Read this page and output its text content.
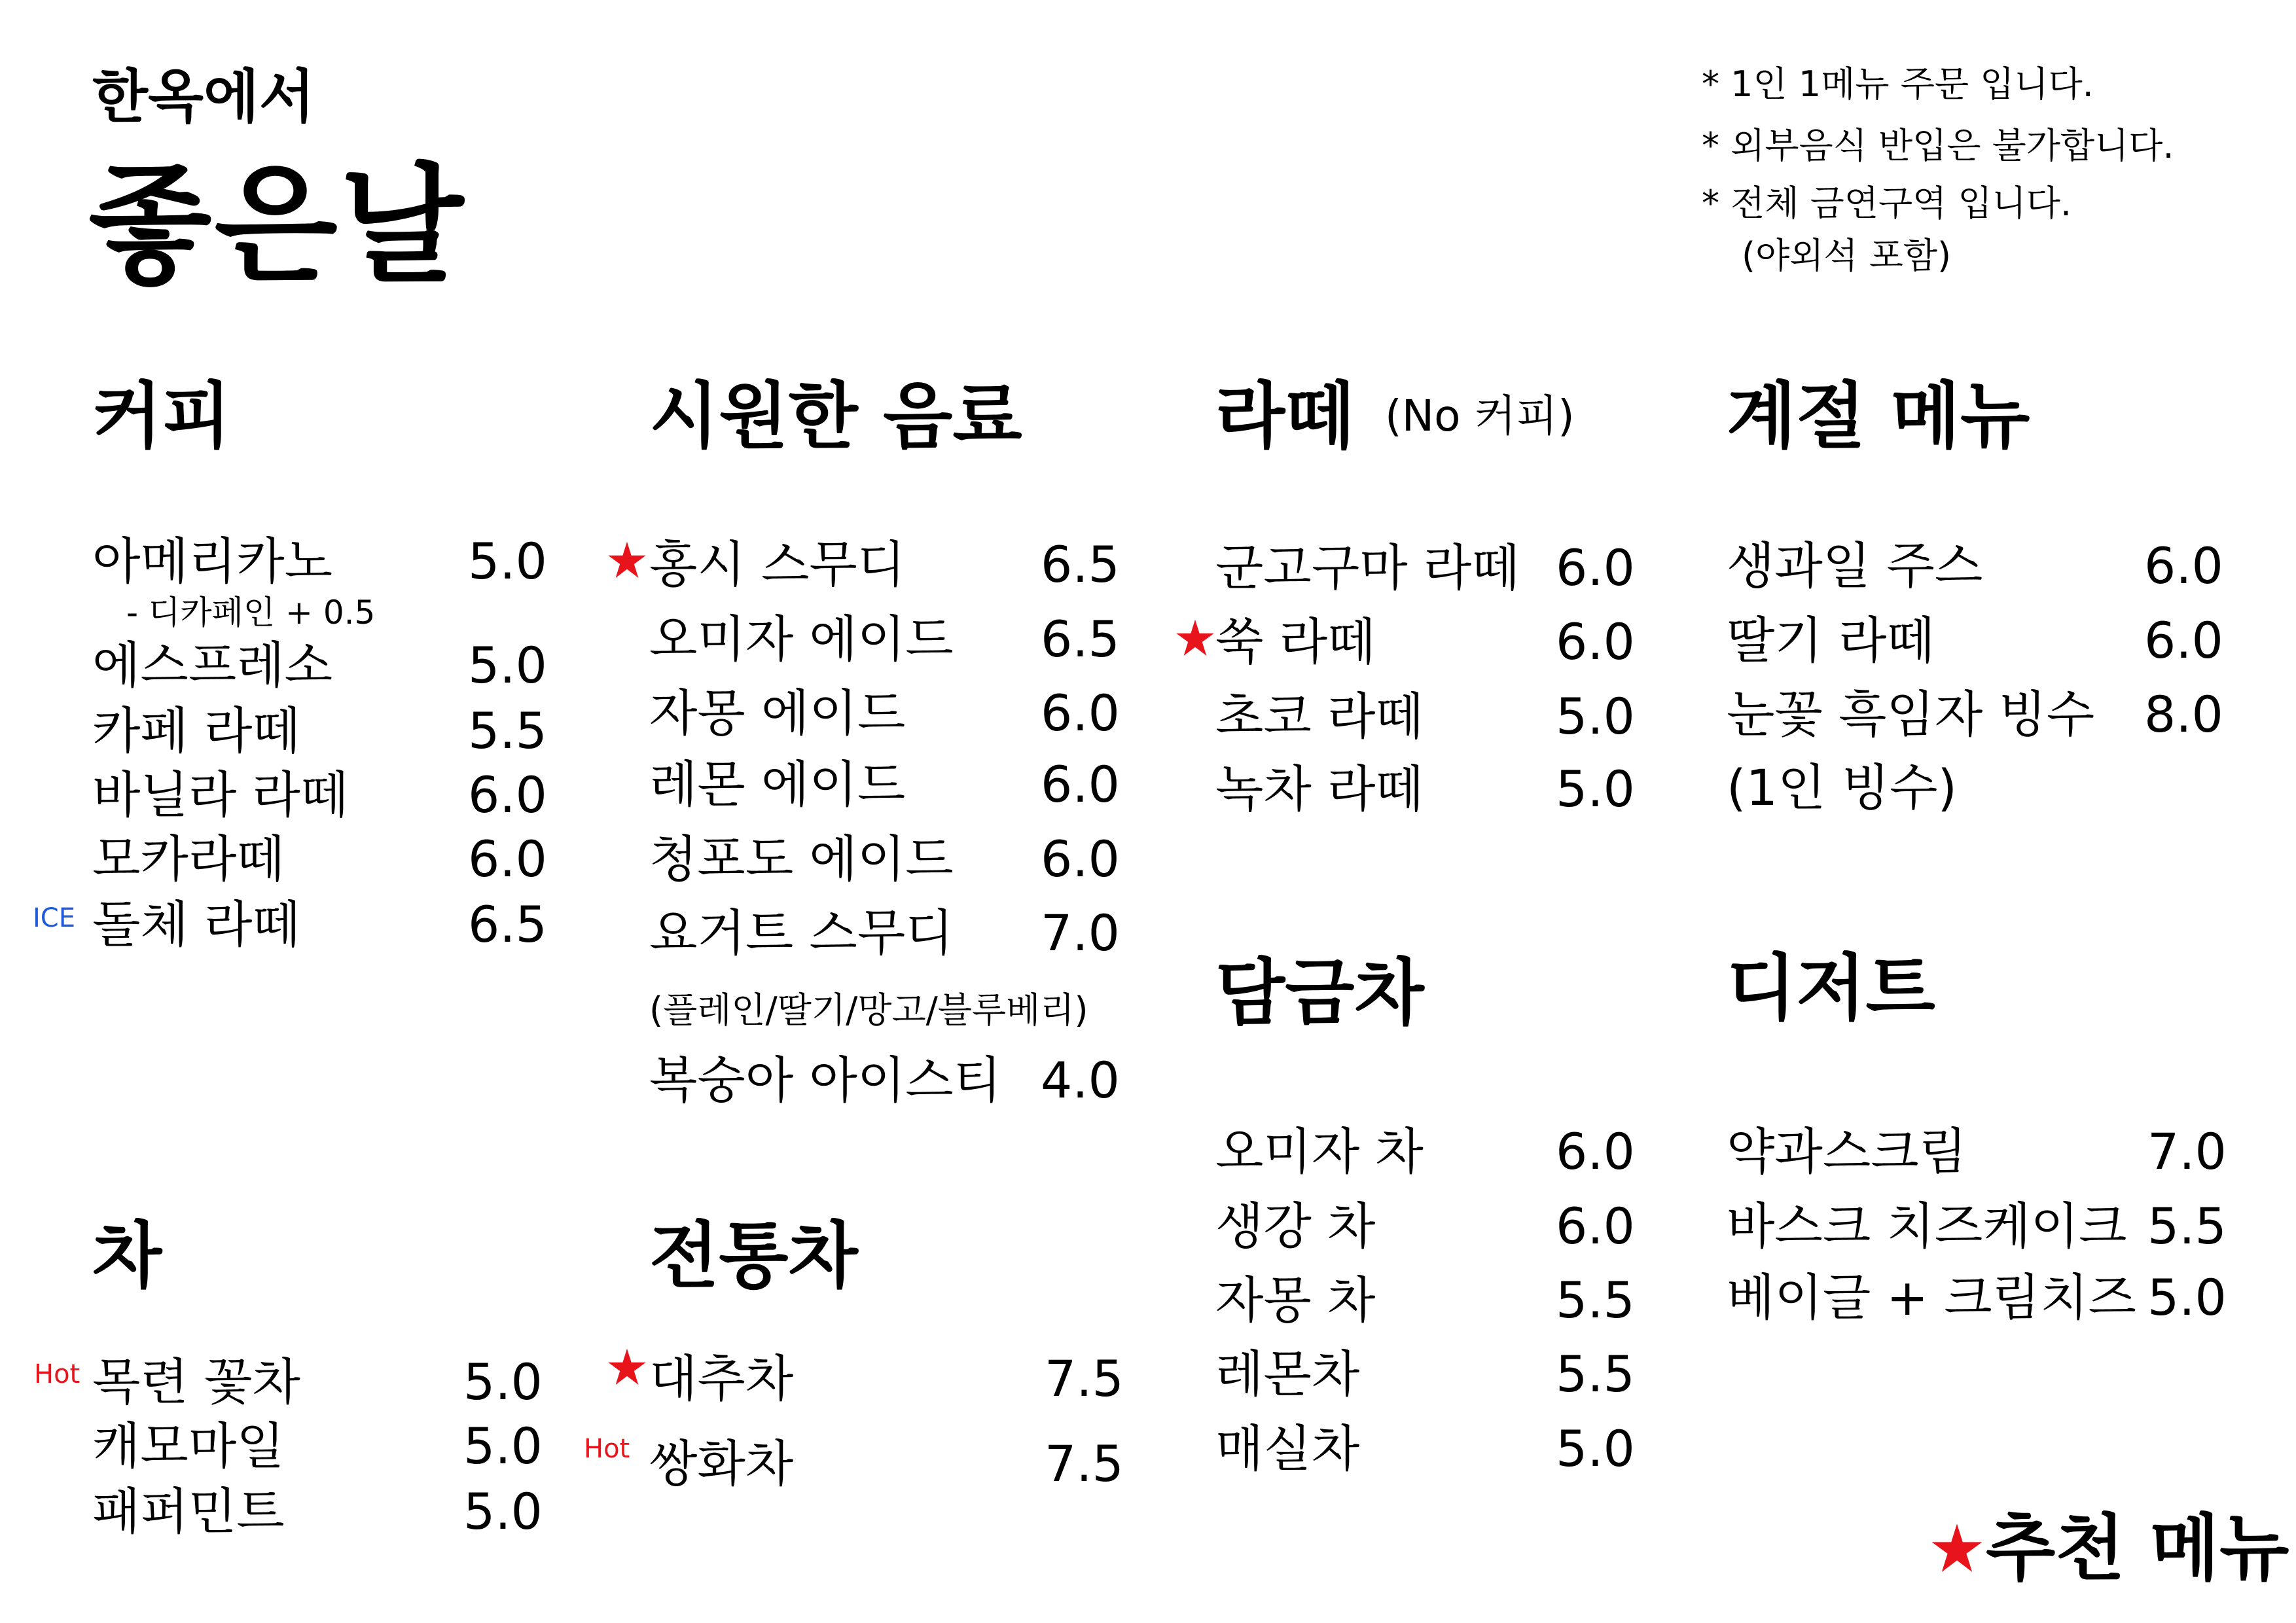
한옥에서
좋은날
* 1인 1메뉴 주문 입니다.
* 외부음식 반입은 불가합니다.
* 전체 금연구역 입니다.
(야외석 포함)
커피
아메리카노	5.0
- 디카페인 + 0.5
에스프레소	5.0
카페 라떼	5.5
바닐라 라떼 6.0
모카라떼	6.0
ICE 돌체 라떼	6.5
시원한 음료
홍시 스무디	6.5
오미자 에이드 6.5
자몽 에이드	6.0
레몬 에이드	6.0
청포도 에이드 6.0
요거트 스무디 7.0
(플레인/딸기/망고/블루베리)
복숭아 아이스티 4.0
라떼 (No 커피)
군고구마 라떼 6.0
쑥 라떼	6.0
초코 라떼	5.0
녹차 라떼	5.0
계절 메뉴
생과일 주스	6.0
딸기 라떼	6.0
눈꽃 흑임자 빙수 8.0
(1인 빙수)
차
Hot 목련 꽃차	5.0
캐모마일	5.0
패퍼민트	5.0
전통차
대추차	7.5
Hot 쌍화차	7.5
담금차
오미자 차	6.0
생강 차	6.0
자몽 차	5.5
레몬차	5.5
매실차	5.0
디저트
약과스크림	7.0
바스크 치즈케이크 5.5
베이글 + 크림치즈 5.0
추천 메뉴
